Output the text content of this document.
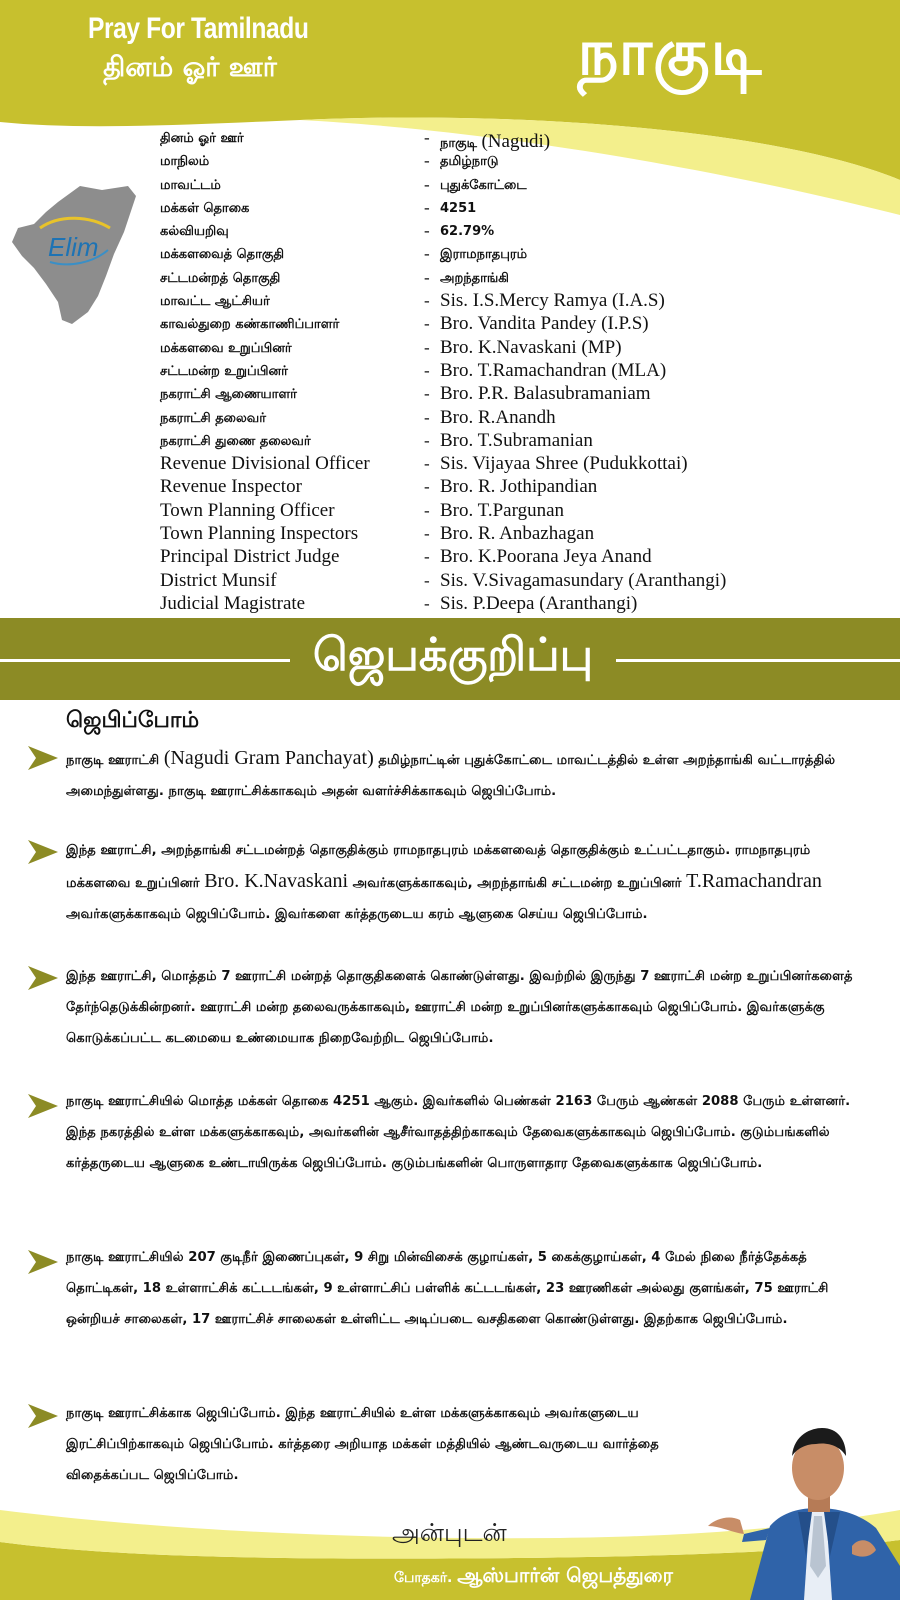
Pray For Tamilnadu
தினம் ஓர் ஊர்	நாகுடி
Elim
தினம் ஓர் ஊர்	- நாகுடி (Nagudi)
மாநிலம்	- தமிழ்நாடு
மாவட்டம்	- புதுக்கோட்டை
மக்கள் தொகை	- 4251
கல்வியறிவு	- 62.79%
மக்களவைத் தொகுதி	- இராமநாதபுரம்
சட்டமன்றத் தொகுதி	- அறந்தாங்கி
மாவட்ட ஆட்சியர்	- Sis. I.S.Mercy Ramya (I.A.S)
காவல்துறை கண்காணிப்பாளர்	- Bro. Vandita Pandey (I.P.S)
மக்களவை உறுப்பினர்	- Bro. K.Navaskani (MP)
சட்டமன்ற உறுப்பினர்	- Bro. T.Ramachandran (MLA)
நகராட்சி ஆணையாளர்	- Bro. P.R. Balasubramaniam
நகராட்சி தலைவர்	- Bro. R.Anandh
நகராட்சி துணை தலைவர்	- Bro. T.Subramanian
Revenue Divisional Officer	- Sis. Vijayaa Shree (Pudukkottai)
Revenue Inspector	- Bro. R. Jothipandian
Town Planning Officer	- Bro. T.Pargunan
Town Planning Inspectors	- Bro. R. Anbazhagan
Principal District Judge	- Bro. K.Poorana Jeya Anand
District Munsif	- Sis. V.Sivagamasundary (Aranthangi)
Judicial Magistrate	- Sis. P.Deepa (Aranthangi)
ஜெபக்குறிப்பு
ஜெபிப்போம்
நாகுடி ஊராட்சி (Nagudi Gram Panchayat) தமிழ்நாட்டின் புதுக்கோட்டை மாவட்டத்தில் உள்ள அறந்தாங்கி வட்டாரத்தில் அமைந்துள்ளது. நாகுடி ஊராட்சிக்காகவும் அதன் வளர்ச்சிக்காகவும் ஜெபிப்போம்.
இந்த ஊராட்சி, அறந்தாங்கி சட்டமன்றத் தொகுதிக்கும் ராமநாதபுரம் மக்களவைத் தொகுதிக்கும் உட்பட்டதாகும். ராமநாதபுரம் மக்களவை உறுப்பினர் Bro. K.Navaskani அவர்களுக்காகவும், அறந்தாங்கி சட்டமன்ற உறுப்பினர் T.Ramachandran அவர்களுக்காகவும் ஜெபிப்போம். இவர்களை கர்த்தருடைய கரம் ஆளுகை செய்ய ஜெபிப்போம்.
இந்த ஊராட்சி, மொத்தம் 7 ஊராட்சி மன்றத் தொகுதிகளைக் கொண்டுள்ளது. இவற்றில் இருந்து 7 ஊராட்சி மன்ற உறுப்பினர்களைத் தேர்ந்தெடுக்கின்றனர். ஊராட்சி மன்ற தலைவருக்காகவும், ஊராட்சி மன்ற உறுப்பினர்களுக்காகவும் ஜெபிப்போம். இவர்களுக்கு கொடுக்கப்பட்ட கடமையை உண்மையாக நிறைவேற்றிட ஜெபிப்போம்.
நாகுடி ஊராட்சியில் மொத்த மக்கள் தொகை 4251 ஆகும். இவர்களில் பெண்கள் 2163 பேரும் ஆண்கள் 2088 பேரும் உள்ளனர். இந்த நகரத்தில் உள்ள மக்களுக்காகவும், அவர்களின் ஆசீர்வாதத்திற்காகவும் தேவைகளுக்காகவும் ஜெபிப்போம். குடும்பங்களில் கர்த்தருடைய ஆளுகை உண்டாயிருக்க ஜெபிப்போம். குடும்பங்களின் பொருளாதார தேவைகளுக்காக ஜெபிப்போம்.
நாகுடி ஊராட்சியில் 207 குடிநீர் இணைப்புகள், 9 சிறு மின்விசைக் குழாய்கள், 5 கைக்குழாய்கள், 4 மேல் நிலை நீர்த்தேக்கத் தொட்டிகள், 18 உள்ளாட்சிக் கட்டடங்கள், 9 உள்ளாட்சிப் பள்ளிக் கட்டடங்கள், 23 ஊரணிகள் அல்லது குளங்கள், 75 ஊராட்சி ஒன்றியச் சாலைகள், 17 ஊராட்சிச் சாலைகள் உள்ளிட்ட அடிப்படை வசதிகளை கொண்டுள்ளது. இதற்காக ஜெபிப்போம்.
நாகுடி ஊராட்சிக்காக ஜெபிப்போம். இந்த ஊராட்சியில் உள்ள மக்களுக்காகவும் அவர்களுடைய இரட்சிப்பிற்காகவும் ஜெபிப்போம். கர்த்தரை அறியாத மக்கள் மத்தியில் ஆண்டவருடைய வார்த்தை விதைக்கப்பட ஜெபிப்போம்.
அன்புடன்
போதகர். ஆஸ்பார்ன் ஜெபத்துரை
